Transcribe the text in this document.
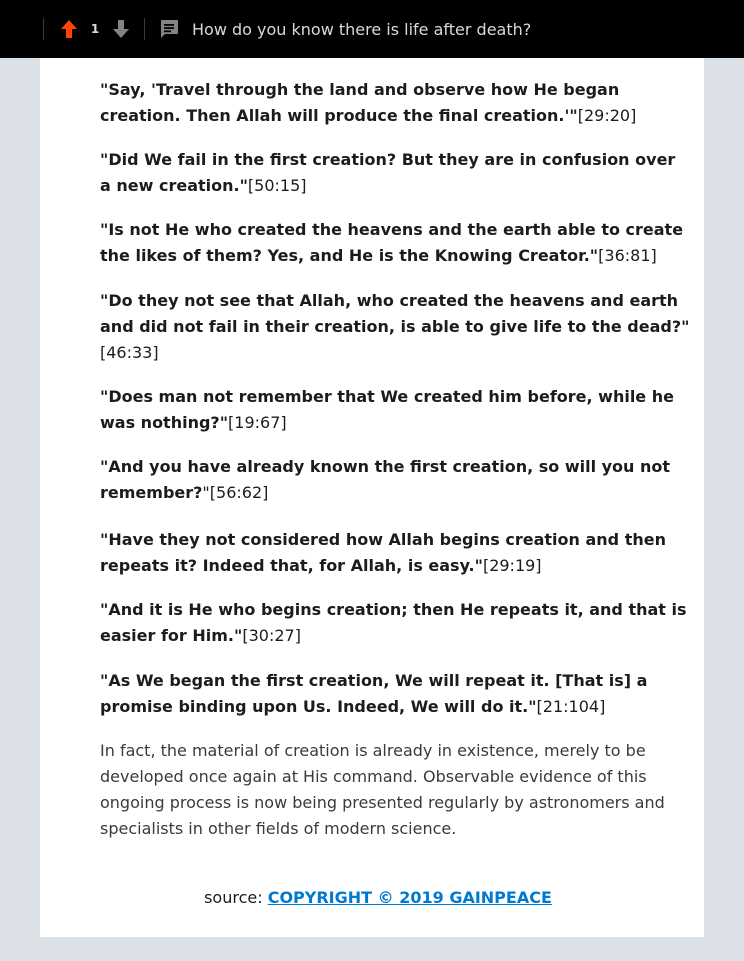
1	How do you know there is life after death?

"Say, 'Travel through the land and observe how He began creation. Then Allah will produce the final creation.'"[29:20]

"Did We fail in the first creation? But they are in confusion over a new creation."[50:15]

"Is not He who created the heavens and the earth able to create the likes of them? Yes, and He is the Knowing Creator."[36:81]

"Do they not see that Allah, who created the heavens and earth and did not fail in their creation, is able to give life to the dead?"[46:33]

"Does man not remember that We created him before, while he was nothing?"[19:67]

"And you have already known the first creation, so will you not remember?"[56:62]

"Have they not considered how Allah begins creation and then repeats it? Indeed that, for Allah, is easy."[29:19]

"And it is He who begins creation; then He repeats it, and that is easier for Him."[30:27]

"As We began the first creation, We will repeat it. [That is] a promise binding upon Us. Indeed, We will do it."[21:104]

In fact, the material of creation is already in existence, merely to be developed once again at His command. Observable evidence of this ongoing process is now being presented regularly by astronomers and specialists in other fields of modern science.

source: COPYRIGHT © 2019 GAINPEACE
